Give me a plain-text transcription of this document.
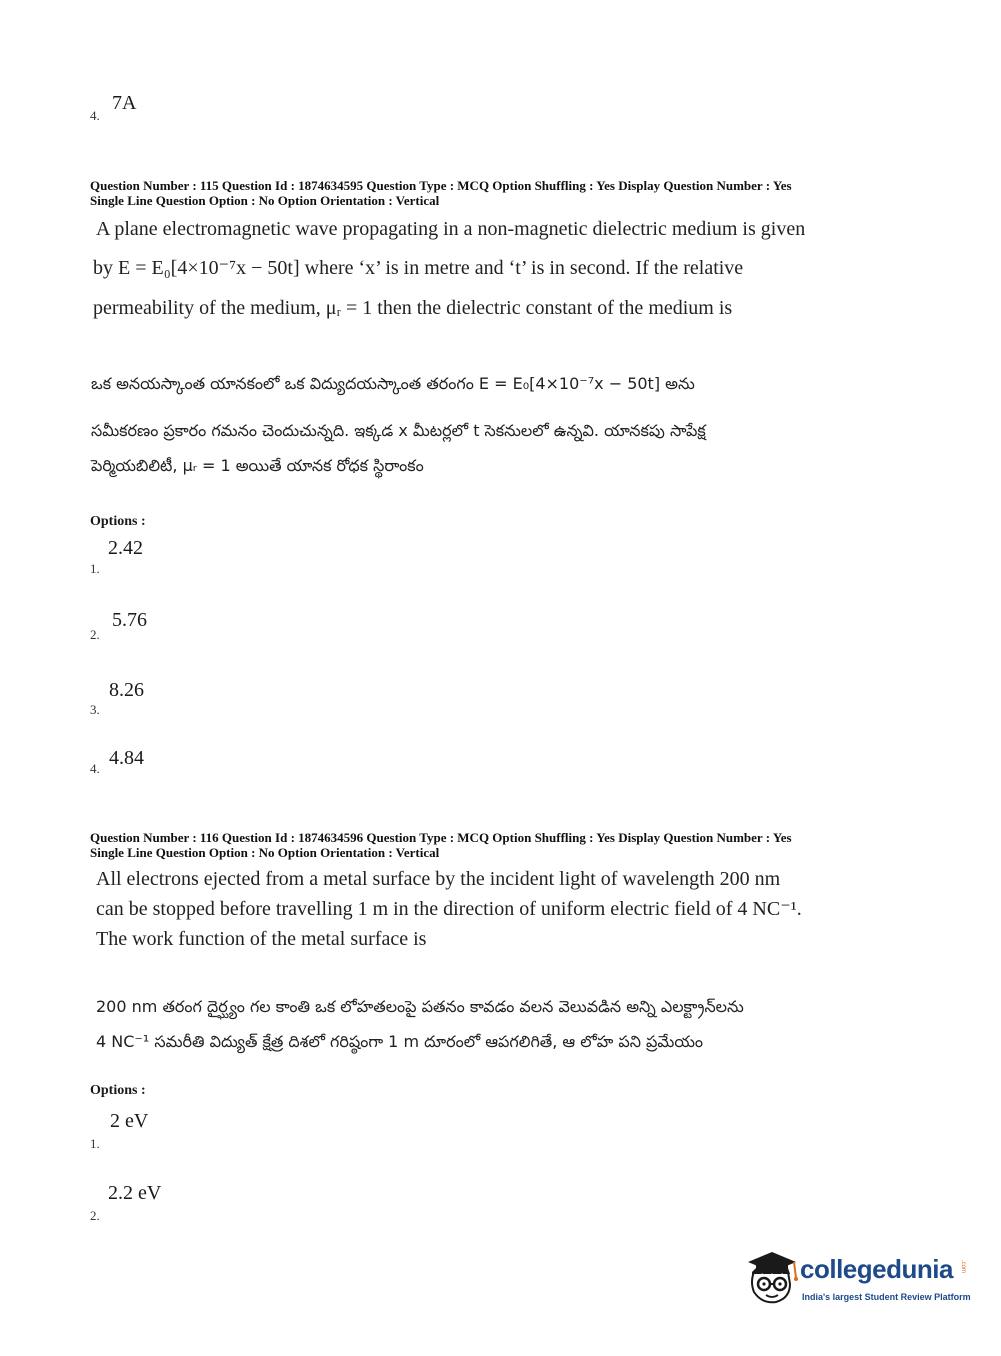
4.
7A
Question Number : 115 Question Id : 1874634595 Question Type : MCQ Option Shuffling : Yes Display Question Number : Yes
Single Line Question Option : No Option Orientation : Vertical
A plane electromagnetic wave propagating in a non-magnetic dielectric medium is given
by E = E₀[4×10⁻⁷x − 50t] where ‘x’ is in metre and ‘t’ is in second. If the relative
permeability of the medium, μᵣ = 1 then the dielectric constant of the medium is
ఒక అనయస్కాంత యానకంలో ఒక విద్యుదయస్కాంత తరంగం E = E₀[4×10⁻⁷x − 50t] అను
సమీకరణం ప్రకారం గమనం చెందుచున్నది. ఇక్కడ x మీటర్లలో t సెకనులలో ఉన్నవి. యానకపు సాపేక్ష
పెర్మియబిలిటీ, μᵣ = 1 అయితే యానక రోధక స్థిరాంకం
Options :
2.42
1.
5.76
2.
8.26
3.
4.84
4.
Question Number : 116 Question Id : 1874634596 Question Type : MCQ Option Shuffling : Yes Display Question Number : Yes
Single Line Question Option : No Option Orientation : Vertical
All electrons ejected from a metal surface by the incident light of wavelength 200 nm
can be stopped before travelling 1 m in the direction of uniform electric field of 4 NC⁻¹.
The work function of the metal surface is
200 nm తరంగ దైర్ఘ్యం గల కాంతి ఒక లోహతలంపై పతనం కావడం వలన వెలువడిన అన్ని ఎలక్ట్రాన్‌లను
4 NC⁻¹ సమరీతి విద్యుత్ క్షేత్ర దిశలో గరిష్ఠంగా 1 m దూరంలో ఆపగలిగితే, ఆ లోహ పని ప్రమేయం
Options :
2 eV
1.
2.2 eV
2.
collegedunia .com
India's largest Student Review Platform
